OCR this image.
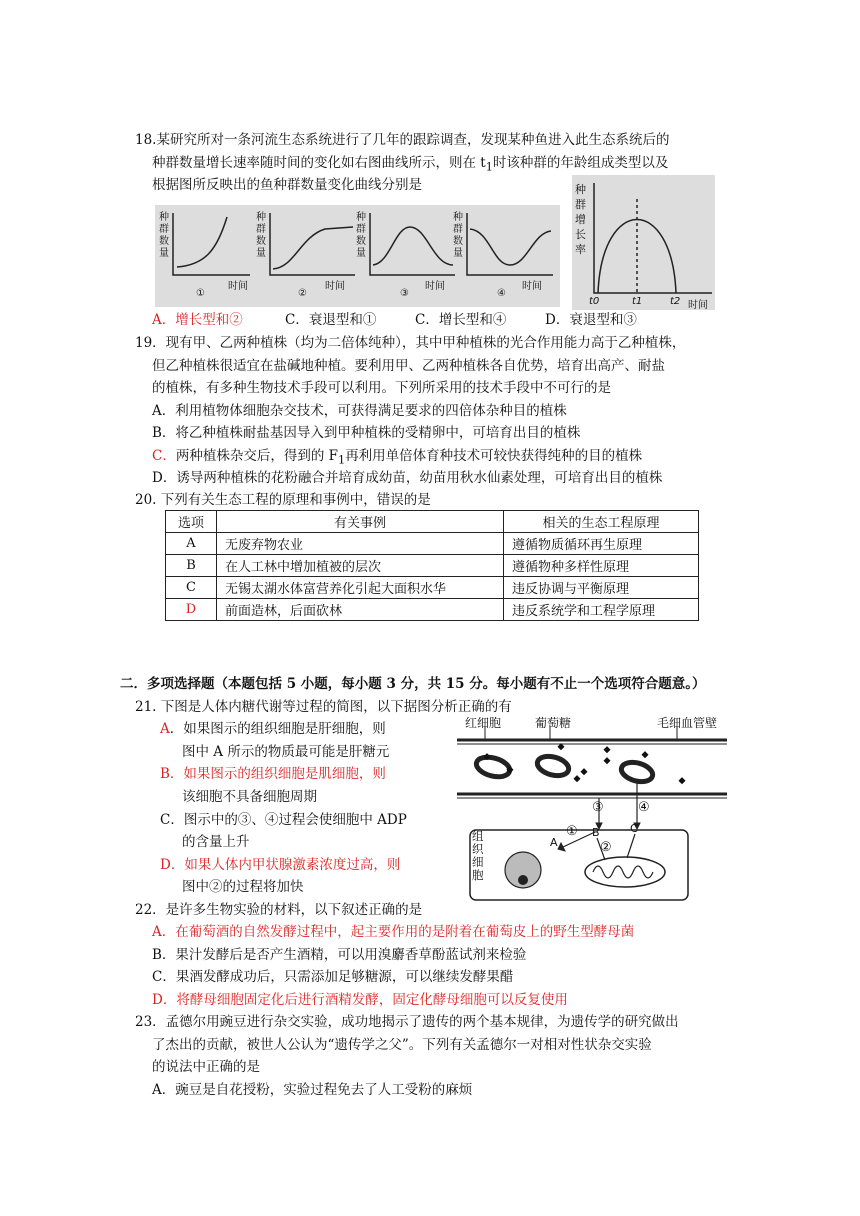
18.某研究所对一条河流生态系统进行了几年的跟踪调查，发现某种鱼进入此生态系统后的
种群数量增长速率随时间的变化如右图曲线所示，则在 $t_1$时该种群的年龄组成类型以及
根据图所反映出的鱼种群数量变化曲线分别是
种群数量
时间
①
种群数量
时间
②
种群数量
时间
③
种群数量
时间
④
种群增长率
t0	t1	t2 时间
A．增长型和②	C．衰退型和①	C．增长型和④	D．衰退型和③
19．现有甲、乙两种植株（均为二倍体纯种），其中甲种植株的光合作用能力高于乙种植株，
但乙种植株很适宜在盐碱地种植。要利用甲、乙两种植株各自优势，培育出高产、耐盐
的植株，有多种生物技术手段可以利用。下列所采用的技术手段中不可行的是
A．利用植物体细胞杂交技术，可获得满足要求的四倍体杂种目的植株
B．将乙种植株耐盐基因导入到甲种植株的受精卵中，可培育出目的植株
C．两种植株杂交后，得到的 $F_1$再利用单倍体育种技术可较快获得纯种的目的植株
D．诱导两种植株的花粉融合并培育成幼苗，幼苗用秋水仙素处理，可培育出目的植株
20. 下列有关生态工程的原理和事例中，错误的是
选项	有关事例	相关的生态工程原理
A	无废弃物农业	遵循物质循环再生原理
B	在人工林中增加植被的层次	遵循物种多样性原理
C	无锡太湖水体富营养化引起大面积水华	违反协调与平衡原理
D	前面造林，后面砍林	违反系统学和工程学原理
二．多项选择题（本题包括 5 小题，每小题 3 分，共 15 分。每小题有不止一个选项符合题意。）
21. 下图是人体内糖代谢等过程的简图，以下据图分析正确的有
A．如果图示的组织细胞是肝细胞，则
图中 A 所示的物质最可能是肝糖元
B．如果图示的组织细胞是肌细胞，则
该细胞不具备细胞周期
C．图示中的③、④过程会使细胞中 ADP
的含量上升
D．如果人体内甲状腺激素浓度过高，则
图中②的过程将加快
红细胞	葡萄糖	毛细血管壁
组织细胞
③	④
①
②
A
B	C
22．是许多生物实验的材料，以下叙述正确的是
A．在葡萄酒的自然发酵过程中，起主要作用的是附着在葡萄皮上的野生型酵母菌
B．果汁发酵后是否产生酒精，可以用溴麝香草酚蓝试剂来检验
C．果酒发酵成功后，只需添加足够糖源，可以继续发酵果醋
D．将酵母细胞固定化后进行酒精发酵，固定化酵母细胞可以反复使用
23．孟德尔用豌豆进行杂交实验，成功地揭示了遗传的两个基本规律，为遗传学的研究做出
了杰出的贡献，被世人公认为“遗传学之父”。下列有关孟德尔一对相对性状杂交实验
的说法中正确的是
A．豌豆是自花授粉，实验过程免去了人工受粉的麻烦
